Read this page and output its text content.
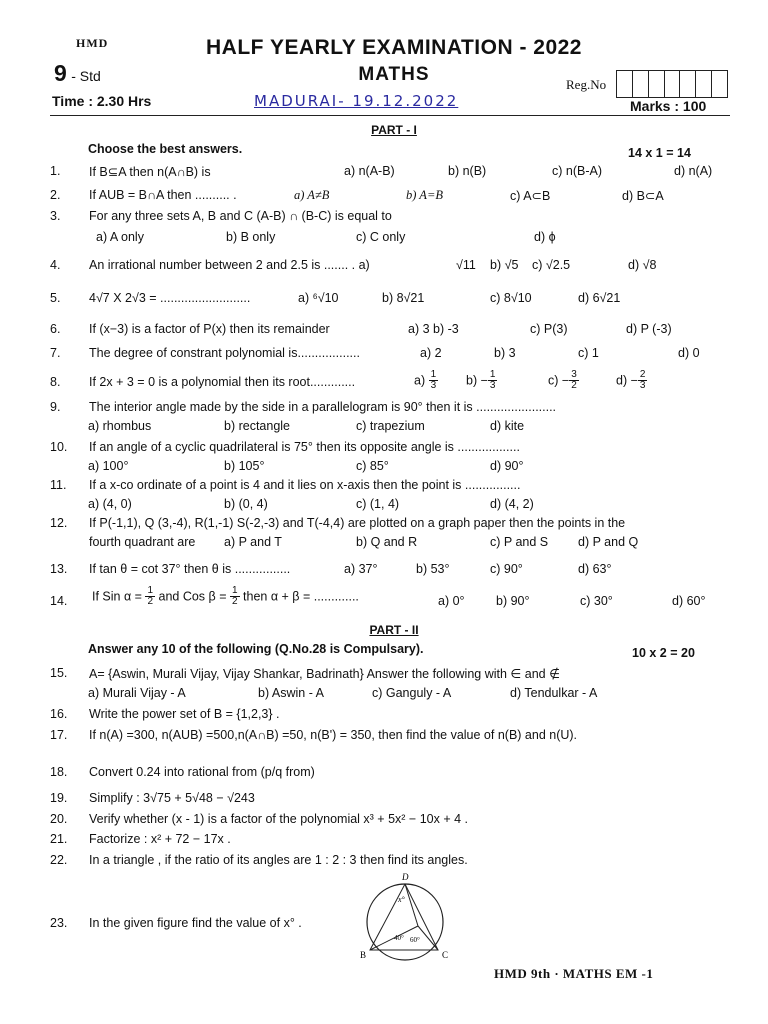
HMD	HALF YEARLY EXAMINATION - 2022
9 - Std	MATHS	Reg.No
Time : 2.30 Hrs	MADURAI- 19.12.2022	Marks : 100
PART - I
Choose the best answers.	14 x 1 = 14
1. If B⊆A then n(A∩B) is	a) n(A-B)	b) n(B)	c) n(B-A)	d) n(A)
2. If AUB = B∩A then .......... .	a) A≠B	b) A=B	c) A⊂B	d) B⊂A
3. For any three sets A, B and C (A-B) ∩ (B-C) is equal to
a) A only	b) B only	c) C only	d) ϕ
4. An irrational number between 2 and 2.5 is ....... . a)	√11 b) √5 c) √2.5	d) √8
5. 4√7 X 2√3 = ..........................	a) ⁶√10	b) 8√21	c) 8√10	d) 6√21
6. If (x−3) is a factor of P(x) then its remainder	a) 3 b) -3	c) P(3)	d) P (-3)
7. The degree of constrant polynomial is..................	a) 2	b) 3	c) 1	d) 0
8. If 2x + 3 = 0 is a polynomial then its root.............	$a) \frac{1}{3} b) - \frac{1}{3}$	$c) - \frac{3}{2}$	$d) - \frac{2}{3}$
9. The interior angle made by the side in a parallelogram is 90° then it is .......................
a) rhombus	b) rectangle	c) trapezium	d) kite
10. If an angle of a cyclic quadrilateral is 75° then its opposite angle is ..................
a) 100°	b) 105°	c) 85°	d) 90°
11. If a x-co ordinate of a point is 4 and it lies on x-axis then the point is ................
a) (4, 0)	b) (0, 4)	c) (1, 4)	d) (4, 2)
12. If P(-1,1), Q (3,-4), R(1,-1) S(-2,-3) and T(-4,4) are plotted on a graph paper then the points in the
fourth quadrant are a) P and T	b) Q and R	c) P and S d) P and Q
13. If tan θ = cot 37° then θ is ................	a) 37°	b) 53°	c) 90°	d) 63°
14. If Sin $\alpha = \frac{1}{2}$ and Cos $\beta = \frac{1}{2}$ then α + β = .............	a) 0°	b) 90°	c) 30°	d) 60°
PART - II
Answer any 10 of the following (Q.No.28 is Compulsary).	10 x 2 = 20
15. A= {Aswin, Murali Vijay, Vijay Shankar, Badrinath} Answer the following with ∈ and ∉
a) Murali Vijay - A	b) Aswin - A	c) Ganguly - A	d) Tendulkar - A
16. Write the power set of B = {1,2,3} .
17. If n(A) =300, n(AUB) =500,n(A∩B) =50, n(B') = 350, then find the value of n(B) and n(U).
18. Convert 0.24 into rational from (p/q from)
19. Simplify : 3√75 + 5√48 − √243
20. Verify whether (x - 1) is a factor of the polynomial x³ + 5x² − 10x + 4 .
21. Factorize : x² + 72 − 17x .
22. In a triangle , if the ratio of its angles are 1 : 2 : 3 then find its angles.
23. In the given figure find the value of x° .
D
B	C
x°
40° 60°
HMD 9th · MATHS EM -1
